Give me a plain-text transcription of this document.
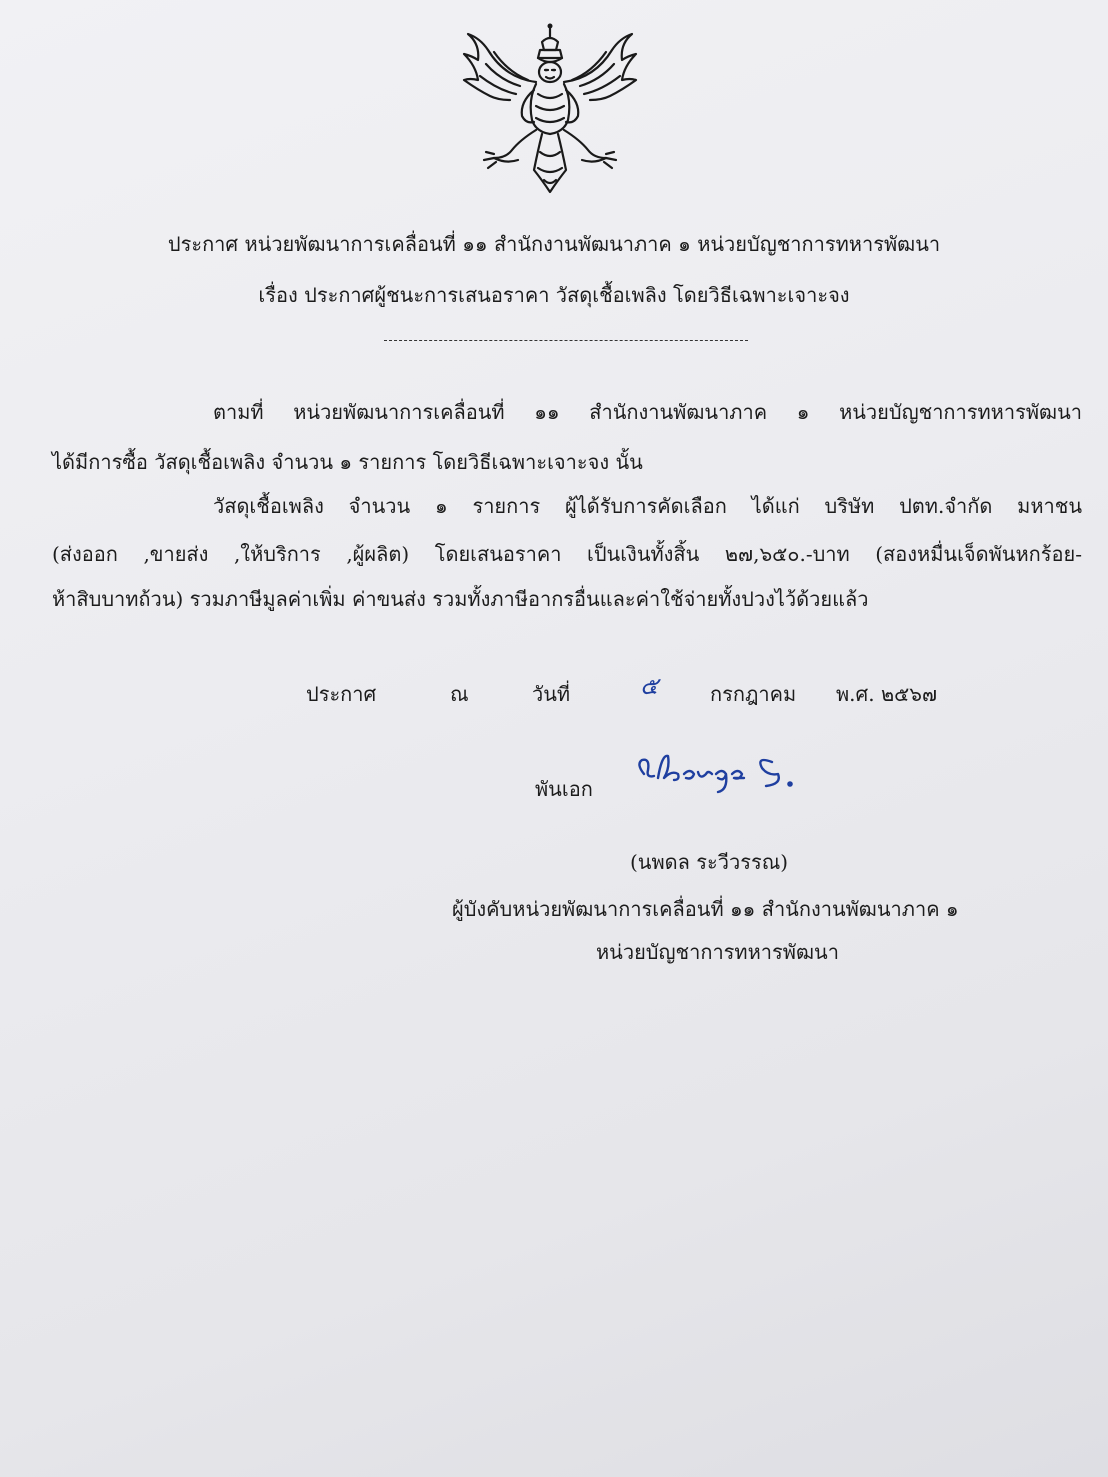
ประกาศ หน่วยพัฒนาการเคลื่อนที่ ๑๑ สำนักงานพัฒนาภาค ๑ หน่วยบัญชาการทหารพัฒนา
เรื่อง ประกาศผู้ชนะการเสนอราคา วัสดุเชื้อเพลิง โดยวิธีเฉพาะเจาะจง
ตามที่ หน่วยพัฒนาการเคลื่อนที่ ๑๑ สำนักงานพัฒนาภาค ๑ หน่วยบัญชาการทหารพัฒนา
ได้มีการซื้อ วัสดุเชื้อเพลิง จำนวน ๑ รายการ โดยวิธีเฉพาะเจาะจง นั้น
วัสดุเชื้อเพลิง จำนวน ๑ รายการ ผู้ได้รับการคัดเลือก ได้แก่ บริษัท ปตท.จำกัด มหาชน
(ส่งออก ,ขายส่ง ,ให้บริการ ,ผู้ผลิต) โดยเสนอราคา เป็นเงินทั้งสิ้น ๒๗,๖๕๐.-บาท (สองหมื่นเจ็ดพันหกร้อย-
ห้าสิบบาทถ้วน) รวมภาษีมูลค่าเพิ่ม ค่าขนส่ง รวมทั้งภาษีอากรอื่นและค่าใช้จ่ายทั้งปวงไว้ด้วยแล้ว
ประกาศ	ณ	วันที่	๕	กรกฎาคม พ.ศ. ๒๕๖๗
พันเอก
(นพดล ระวีวรรณ)
ผู้บังคับหน่วยพัฒนาการเคลื่อนที่ ๑๑ สำนักงานพัฒนาภาค ๑
หน่วยบัญชาการทหารพัฒนา
